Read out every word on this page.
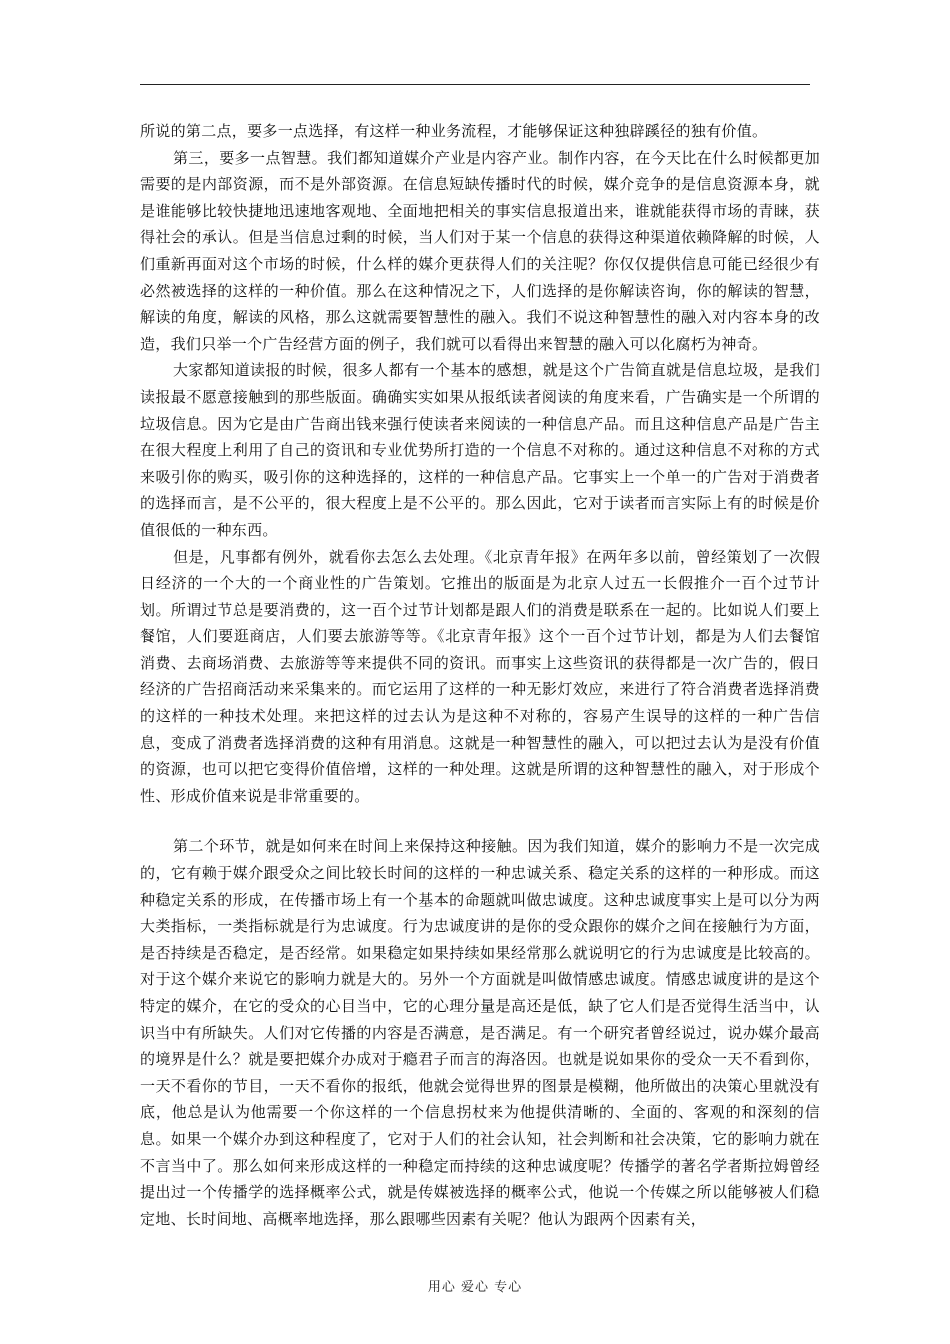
所说的第二点，要多一点选择，有这样一种业务流程，才能够保证这种独辟蹊径的独有价值。

第三，要多一点智慧。我们都知道媒介产业是内容产业。制作内容，在今天比在什么时候都更加需要的是内部资源，而不是外部资源。在信息短缺传播时代的时候，媒介竞争的是信息资源本身，就是谁能够比较快捷地迅速地客观地、全面地把相关的事实信息报道出来，谁就能获得市场的青睐，获得社会的承认。但是当信息过剩的时候，当人们对于某一个信息的获得这种渠道依赖降解的时候，人们重新再面对这个市场的时候，什么样的媒介更获得人们的关注呢？你仅仅提供信息可能已经很少有必然被选择的这样的一种价值。那么在这种情况之下，人们选择的是你解读咨询，你的解读的智慧，解读的角度，解读的风格，那么这就需要智慧性的融入。我们不说这种智慧性的融入对内容本身的改造，我们只举一个广告经营方面的例子，我们就可以看得出来智慧的融入可以化腐朽为神奇。

大家都知道读报的时候，很多人都有一个基本的感想，就是这个广告简直就是信息垃圾，是我们读报最不愿意接触到的那些版面。确确实实如果从报纸读者阅读的角度来看，广告确实是一个所谓的垃圾信息。因为它是由广告商出钱来强行使读者来阅读的一种信息产品。而且这种信息产品是广告主在很大程度上利用了自己的资讯和专业优势所打造的一个信息不对称的。通过这种信息不对称的方式来吸引你的购买，吸引你的这种选择的，这样的一种信息产品。它事实上一个单一的广告对于消费者的选择而言，是不公平的，很大程度上是不公平的。那么因此，它对于读者而言实际上有的时候是价值很低的一种东西。

但是，凡事都有例外，就看你去怎么去处理。《北京青年报》在两年多以前，曾经策划了一次假日经济的一个大的一个商业性的广告策划。它推出的版面是为北京人过五一长假推介一百个过节计划。所谓过节总是要消费的，这一百个过节计划都是跟人们的消费是联系在一起的。比如说人们要上餐馆，人们要逛商店，人们要去旅游等等。《北京青年报》这个一百个过节计划，都是为人们去餐馆消费、去商场消费、去旅游等等来提供不同的资讯。而事实上这些资讯的获得都是一次广告的，假日经济的广告招商活动来采集来的。而它运用了这样的一种无影灯效应，来进行了符合消费者选择消费的这样的一种技术处理。来把这样的过去认为是这种不对称的，容易产生误导的这样的一种广告信息，变成了消费者选择消费的这种有用消息。这就是一种智慧性的融入，可以把过去认为是没有价值的资源，也可以把它变得价值倍增，这样的一种处理。这就是所谓的这种智慧性的融入，对于形成个性、形成价值来说是非常重要的。

第二个环节，就是如何来在时间上来保持这种接触。因为我们知道，媒介的影响力不是一次完成的，它有赖于媒介跟受众之间比较长时间的这样的一种忠诚关系、稳定关系的这样的一种形成。而这种稳定关系的形成，在传播市场上有一个基本的命题就叫做忠诚度。这种忠诚度事实上是可以分为两大类指标，一类指标就是行为忠诚度。行为忠诚度讲的是你的受众跟你的媒介之间在接触行为方面，是否持续是否稳定，是否经常。如果稳定如果持续如果经常那么就说明它的行为忠诚度是比较高的。对于这个媒介来说它的影响力就是大的。另外一个方面就是叫做情感忠诚度。情感忠诚度讲的是这个特定的媒介，在它的受众的心目当中，它的心理分量是高还是低，缺了它人们是否觉得生活当中，认识当中有所缺失。人们对它传播的内容是否满意，是否满足。有一个研究者曾经说过，说办媒介最高的境界是什么？就是要把媒介办成对于瘾君子而言的海洛因。也就是说如果你的受众一天不看到你，一天不看你的节目，一天不看你的报纸，他就会觉得世界的图景是模糊，他所做出的决策心里就没有底，他总是认为他需要一个你这样的一个信息拐杖来为他提供清晰的、全面的、客观的和深刻的信息。如果一个媒介办到这种程度了，它对于人们的社会认知，社会判断和社会决策，它的影响力就在不言当中了。那么如何来形成这样的一种稳定而持续的这种忠诚度呢？传播学的著名学者斯拉姆曾经提出过一个传播学的选择概率公式，就是传媒被选择的概率公式，他说一个传媒之所以能够被人们稳定地、长时间地、高概率地选择，那么跟哪些因素有关呢？他认为跟两个因素有关，

用心 爱心 专心
